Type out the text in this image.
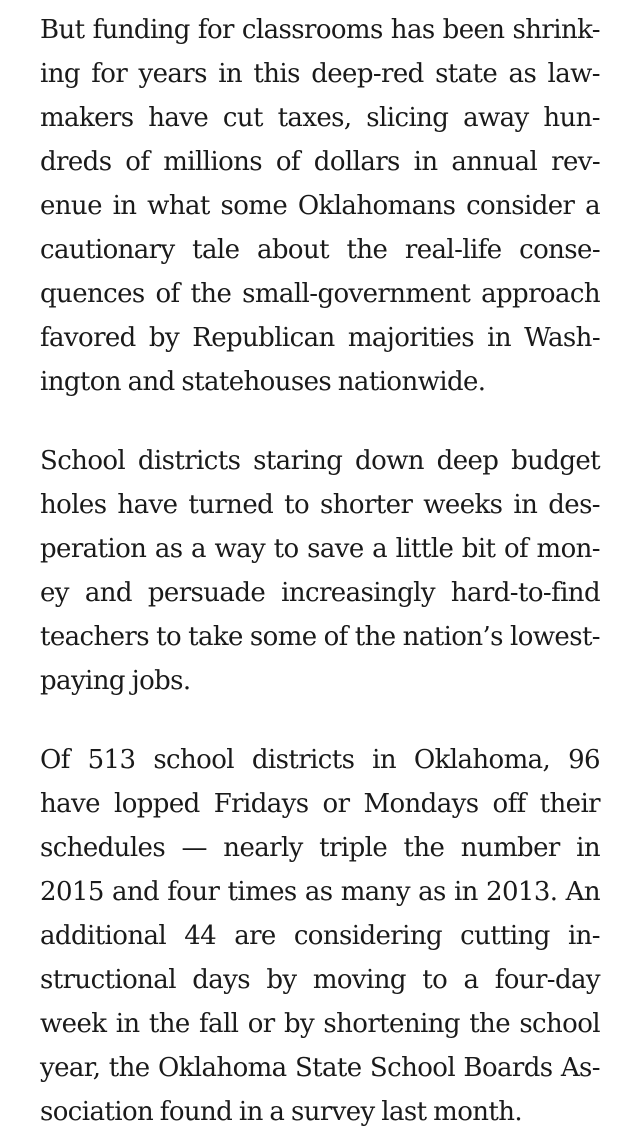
But funding for classrooms has been shrink-
ing for years in this deep-red state as law-
makers have cut taxes, slicing away hun-
dreds of millions of dollars in annual rev-
enue in what some Oklahomans consider a
cautionary tale about the real-life conse-
quences of the small-government approach
favored by Republican majorities in Wash-
ington and statehouses nationwide.

School districts staring down deep budget
holes have turned to shorter weeks in des-
peration as a way to save a little bit of mon-
ey and persuade increasingly hard-to-find
teachers to take some of the nation’s lowest-
paying jobs.

Of 513 school districts in Oklahoma, 96
have lopped Fridays or Mondays off their
schedules — nearly triple the number in
2015 and four times as many as in 2013. An
additional 44 are considering cutting in-
structional days by moving to a four-day
week in the fall or by shortening the school
year, the Oklahoma State School Boards As-
sociation found in a survey last month.
